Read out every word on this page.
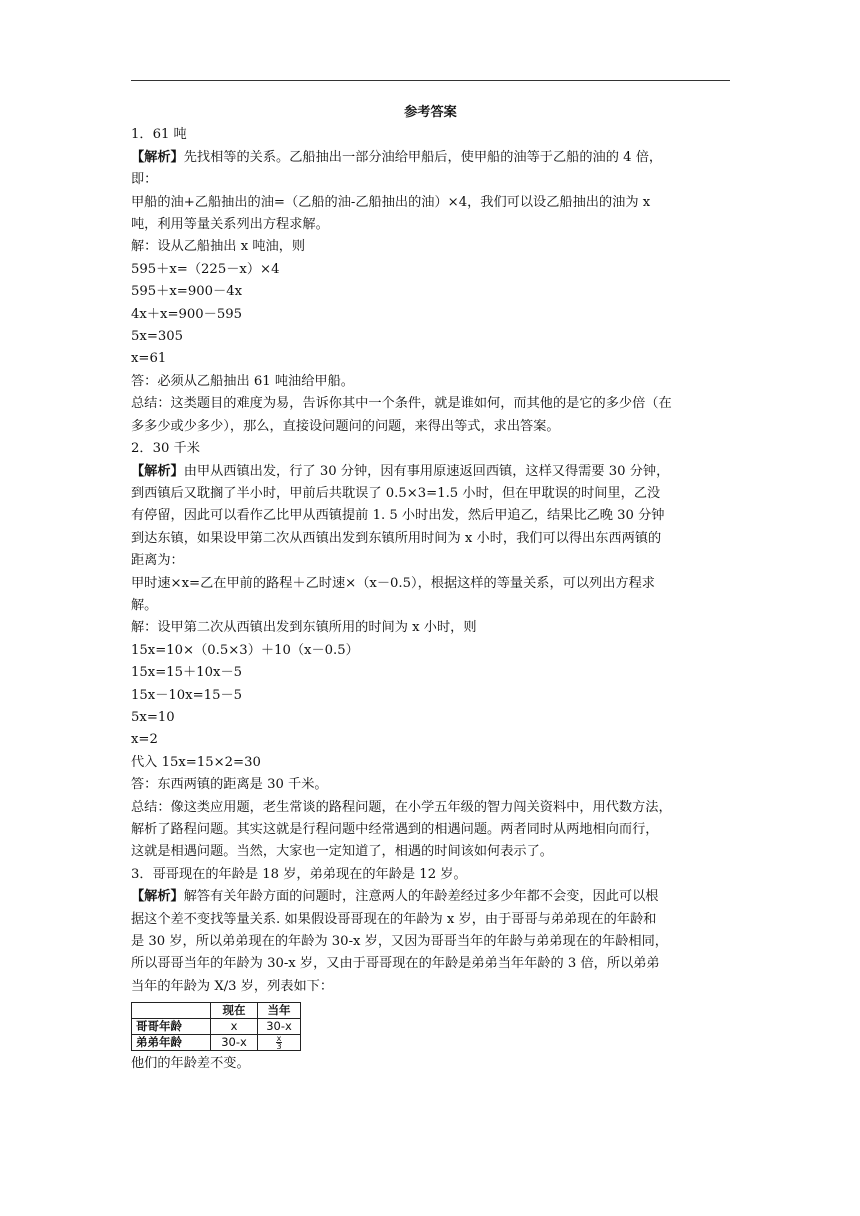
参考答案
1．61 吨
【解析】先找相等的关系。乙船抽出一部分油给甲船后，使甲船的油等于乙船的油的 4 倍，
即：
甲船的油+乙船抽出的油=（乙船的油-乙船抽出的油）×4，我们可以设乙船抽出的油为 x
吨，利用等量关系列出方程求解。
解：设从乙船抽出 x 吨油，则
595＋x=（225－x）×4
595＋x=900－4x
4x＋x=900－595
5x=305
x=61
答：必须从乙船抽出 61 吨油给甲船。
总结：这类题目的难度为易，告诉你其中一个条件，就是谁如何，而其他的是它的多少倍（在
多多少或少多少），那么，直接设问题问的问题，来得出等式，求出答案。
2．30 千米
【解析】由甲从西镇出发，行了 30 分钟，因有事用原速返回西镇，这样又得需要 30 分钟，
到西镇后又耽搁了半小时，甲前后共耽误了 0.5×3=1.5 小时，但在甲耽误的时间里，乙没
有停留，因此可以看作乙比甲从西镇提前 1. 5 小时出发，然后甲追乙，结果比乙晚 30 分钟
到达东镇，如果设甲第二次从西镇出发到东镇所用时间为 x 小时，我们可以得出东西两镇的
距离为：
甲时速×x=乙在甲前的路程＋乙时速×（x－0.5），根据这样的等量关系，可以列出方程求
解。
解：设甲第二次从西镇出发到东镇所用的时间为 x 小时，则
15x=10×（0.5×3）＋10（x－0.5）
15x=15＋10x－5
15x－10x=15－5
5x=10
x=2
代入 15x=15×2=30
答：东西两镇的距离是 30 千米。
总结：像这类应用题，老生常谈的路程问题，在小学五年级的智力闯关资料中，用代数方法，
解析了路程问题。其实这就是行程问题中经常遇到的相遇问题。两者同时从两地相向而行，
这就是相遇问题。当然，大家也一定知道了，相遇的时间该如何表示了。
3．哥哥现在的年龄是 18 岁，弟弟现在的年龄是 12 岁。
【解析】解答有关年龄方面的问题时，注意两人的年龄差经过多少年都不会变，因此可以根
据这个差不变找等量关系. 如果假设哥哥现在的年龄为 x 岁，由于哥哥与弟弟现在的年龄和
是 30 岁，所以弟弟现在的年龄为 30-x 岁，又因为哥哥当年的年龄与弟弟现在的年龄相同，
所以哥哥当年的年龄为 30-x 岁，又由于哥哥现在的年龄是弟弟当年年龄的 3 倍，所以弟弟
当年的年龄为 X/3 岁，列表如下：
	现在	当年
哥哥年龄	x	30-x
弟弟年龄	30-x	$\frac{x}{3}$
他们的年龄差不变。
